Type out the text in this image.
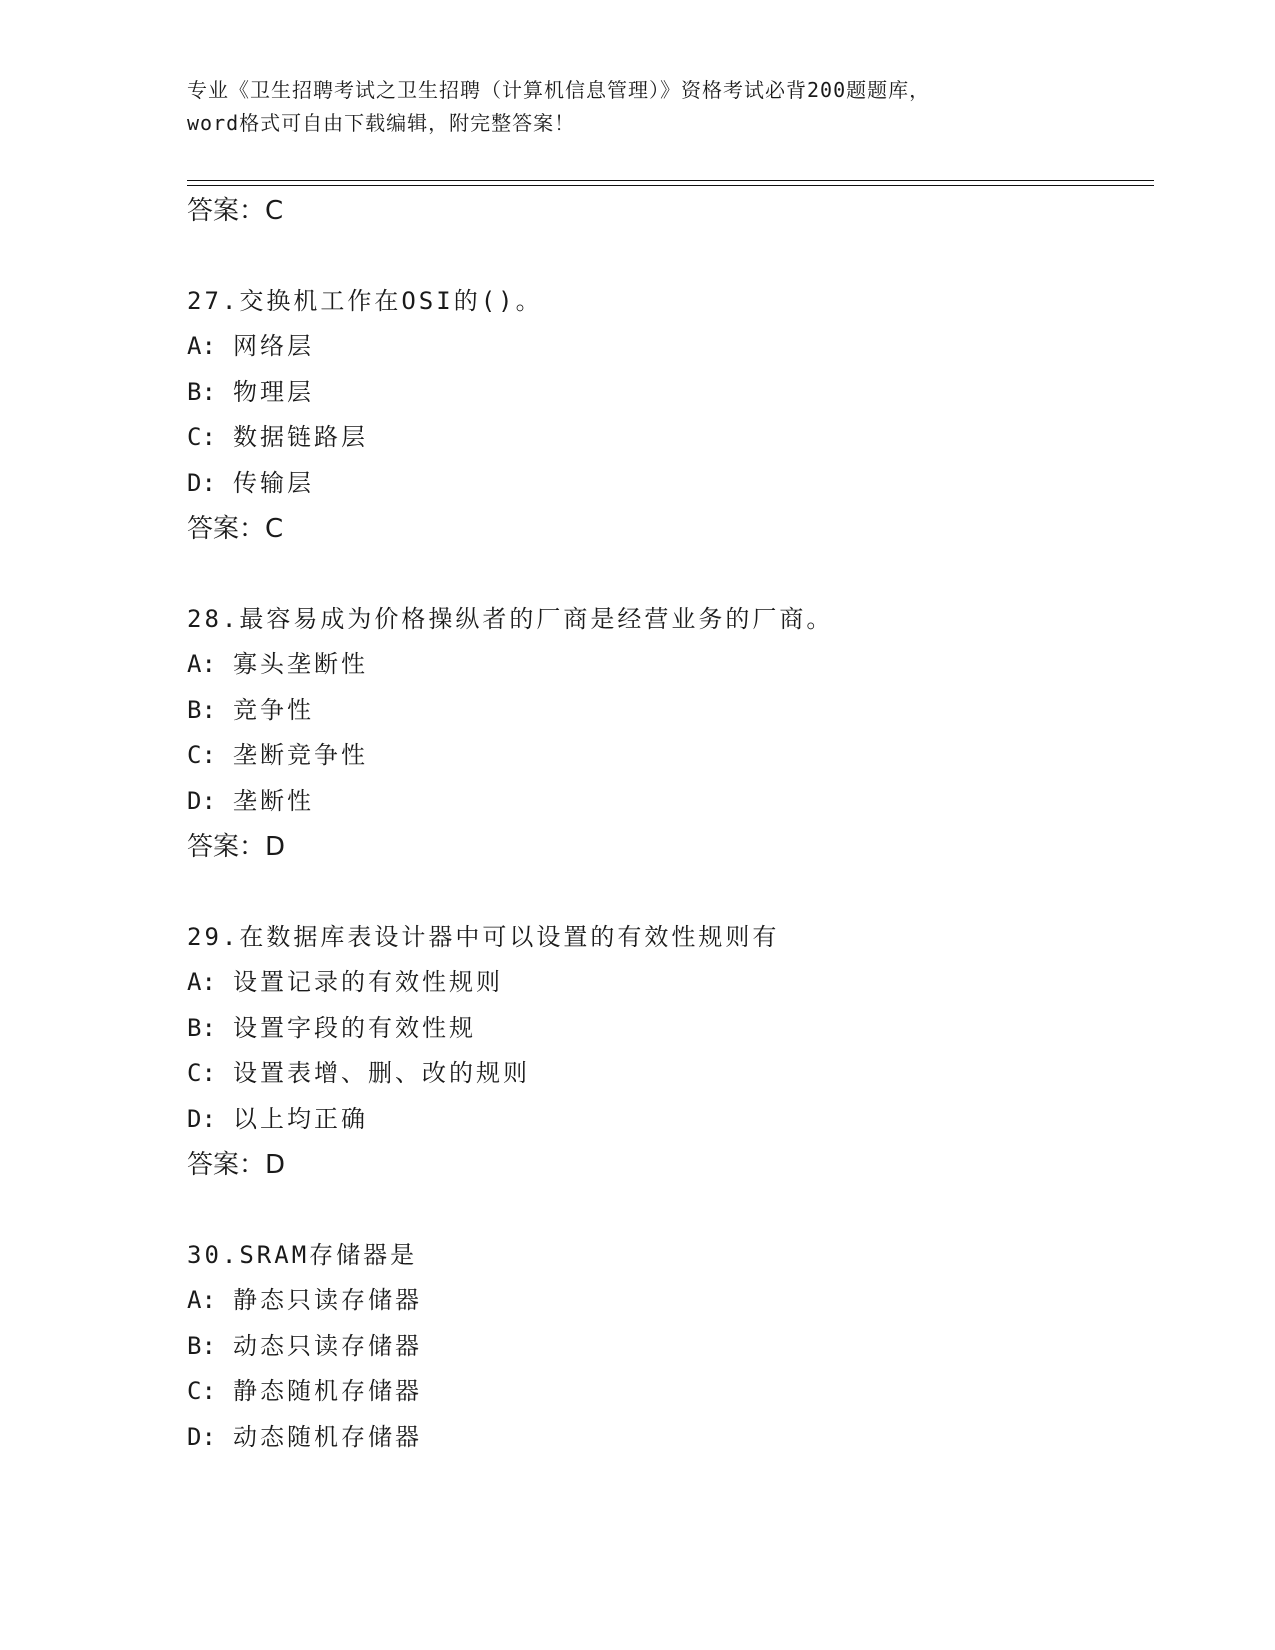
专业《卫生招聘考试之卫生招聘（计算机信息管理）》资格考试必背200题题库，
word格式可自由下载编辑，附完整答案！
答案：C
27.交换机工作在OSI的()。
A: 网络层
B: 物理层
C: 数据链路层
D: 传输层
答案：C
28.最容易成为价格操纵者的厂商是经营业务的厂商。
A: 寡头垄断性
B: 竞争性
C: 垄断竞争性
D: 垄断性
答案：D
29.在数据库表设计器中可以设置的有效性规则有
A: 设置记录的有效性规则
B: 设置字段的有效性规
C: 设置表增、删、改的规则
D: 以上均正确
答案：D
30.SRAM存储器是
A: 静态只读存储器
B: 动态只读存储器
C: 静态随机存储器
D: 动态随机存储器
